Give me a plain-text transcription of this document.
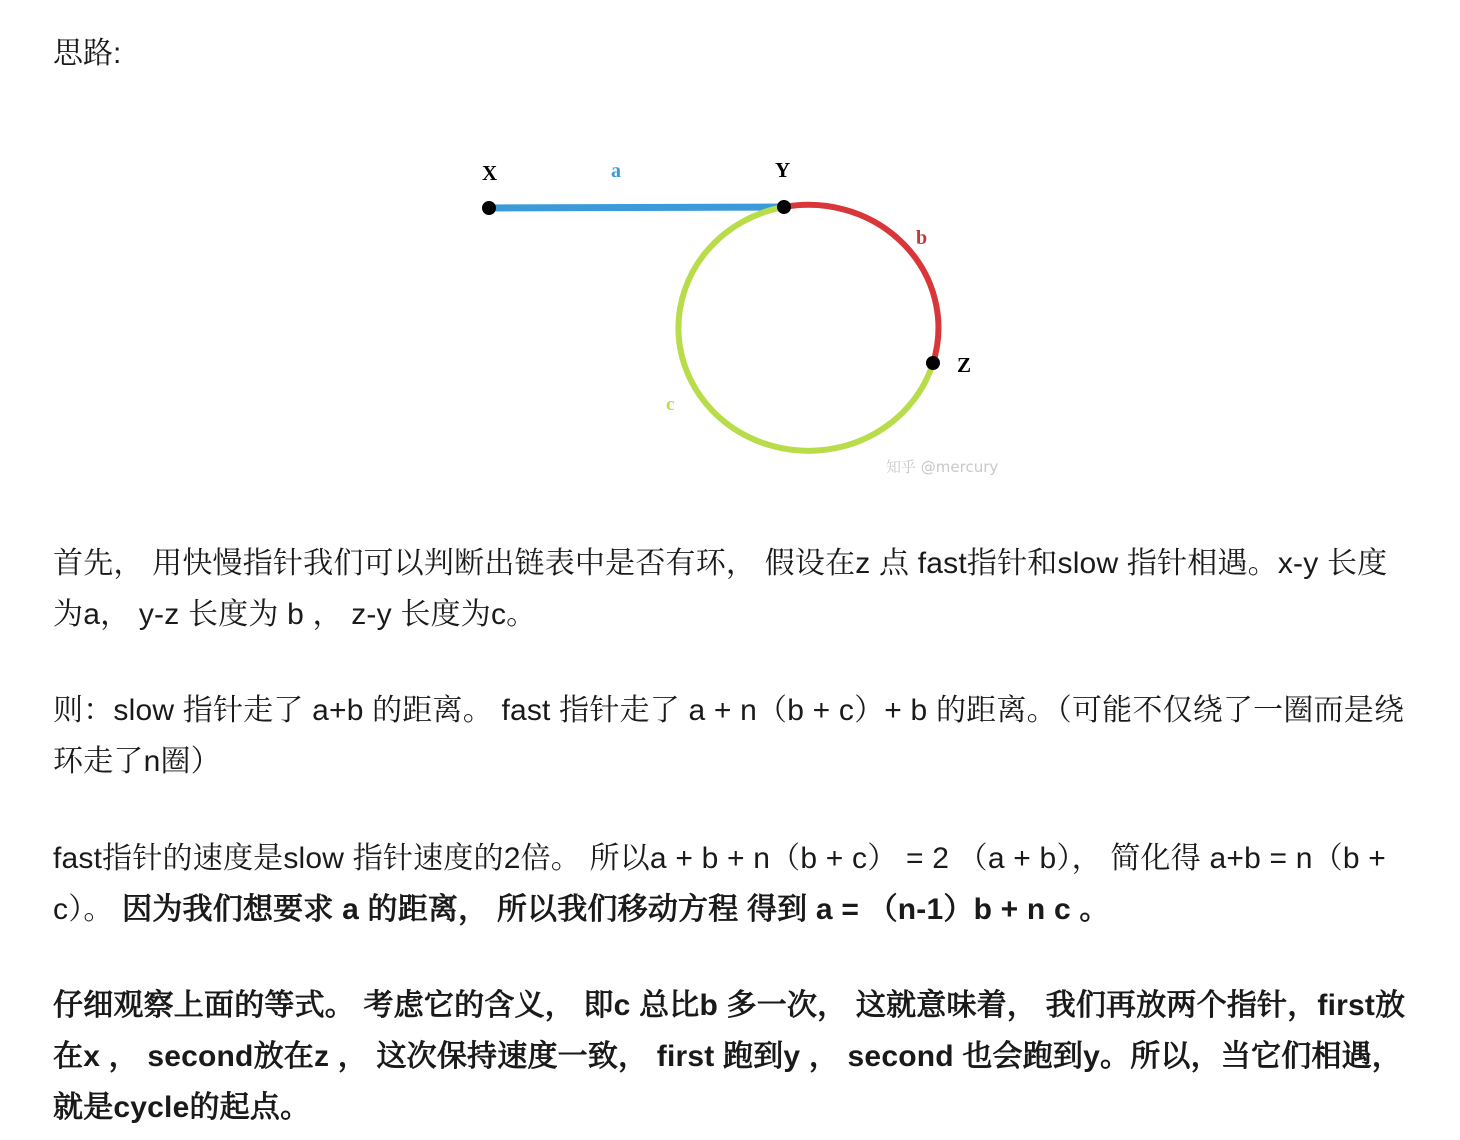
思路:
X	Y
Z
a
b
c
知乎 @mercury

首先， 用快慢指针我们可以判断出链表中是否有环， 假设在z 点 fast指针和slow 指针相遇。x-y 长度为a， y-z 长度为 b ， z-y 长度为c。

则：slow 指针走了 a+b 的距离。 fast 指针走了 a + n（b + c）+ b 的距离。（可能不仅绕了一圈而是绕环走了n圈）

fast指针的速度是slow 指针速度的2倍。 所以a + b + n（b + c） = 2 （a + b）， 简化得 a+b = n（b + c）。 因为我们想要求 a 的距离， 所以我们移动方程 得到 a = （n-1）b + n c 。

仔细观察上面的等式。 考虑它的含义， 即c 总比b 多一次， 这就意味着， 我们再放两个指针，first放在x ， second放在z ， 这次保持速度一致， first 跑到y ， second 也会跑到y。所以，当它们相遇，就是cycle的起点。
